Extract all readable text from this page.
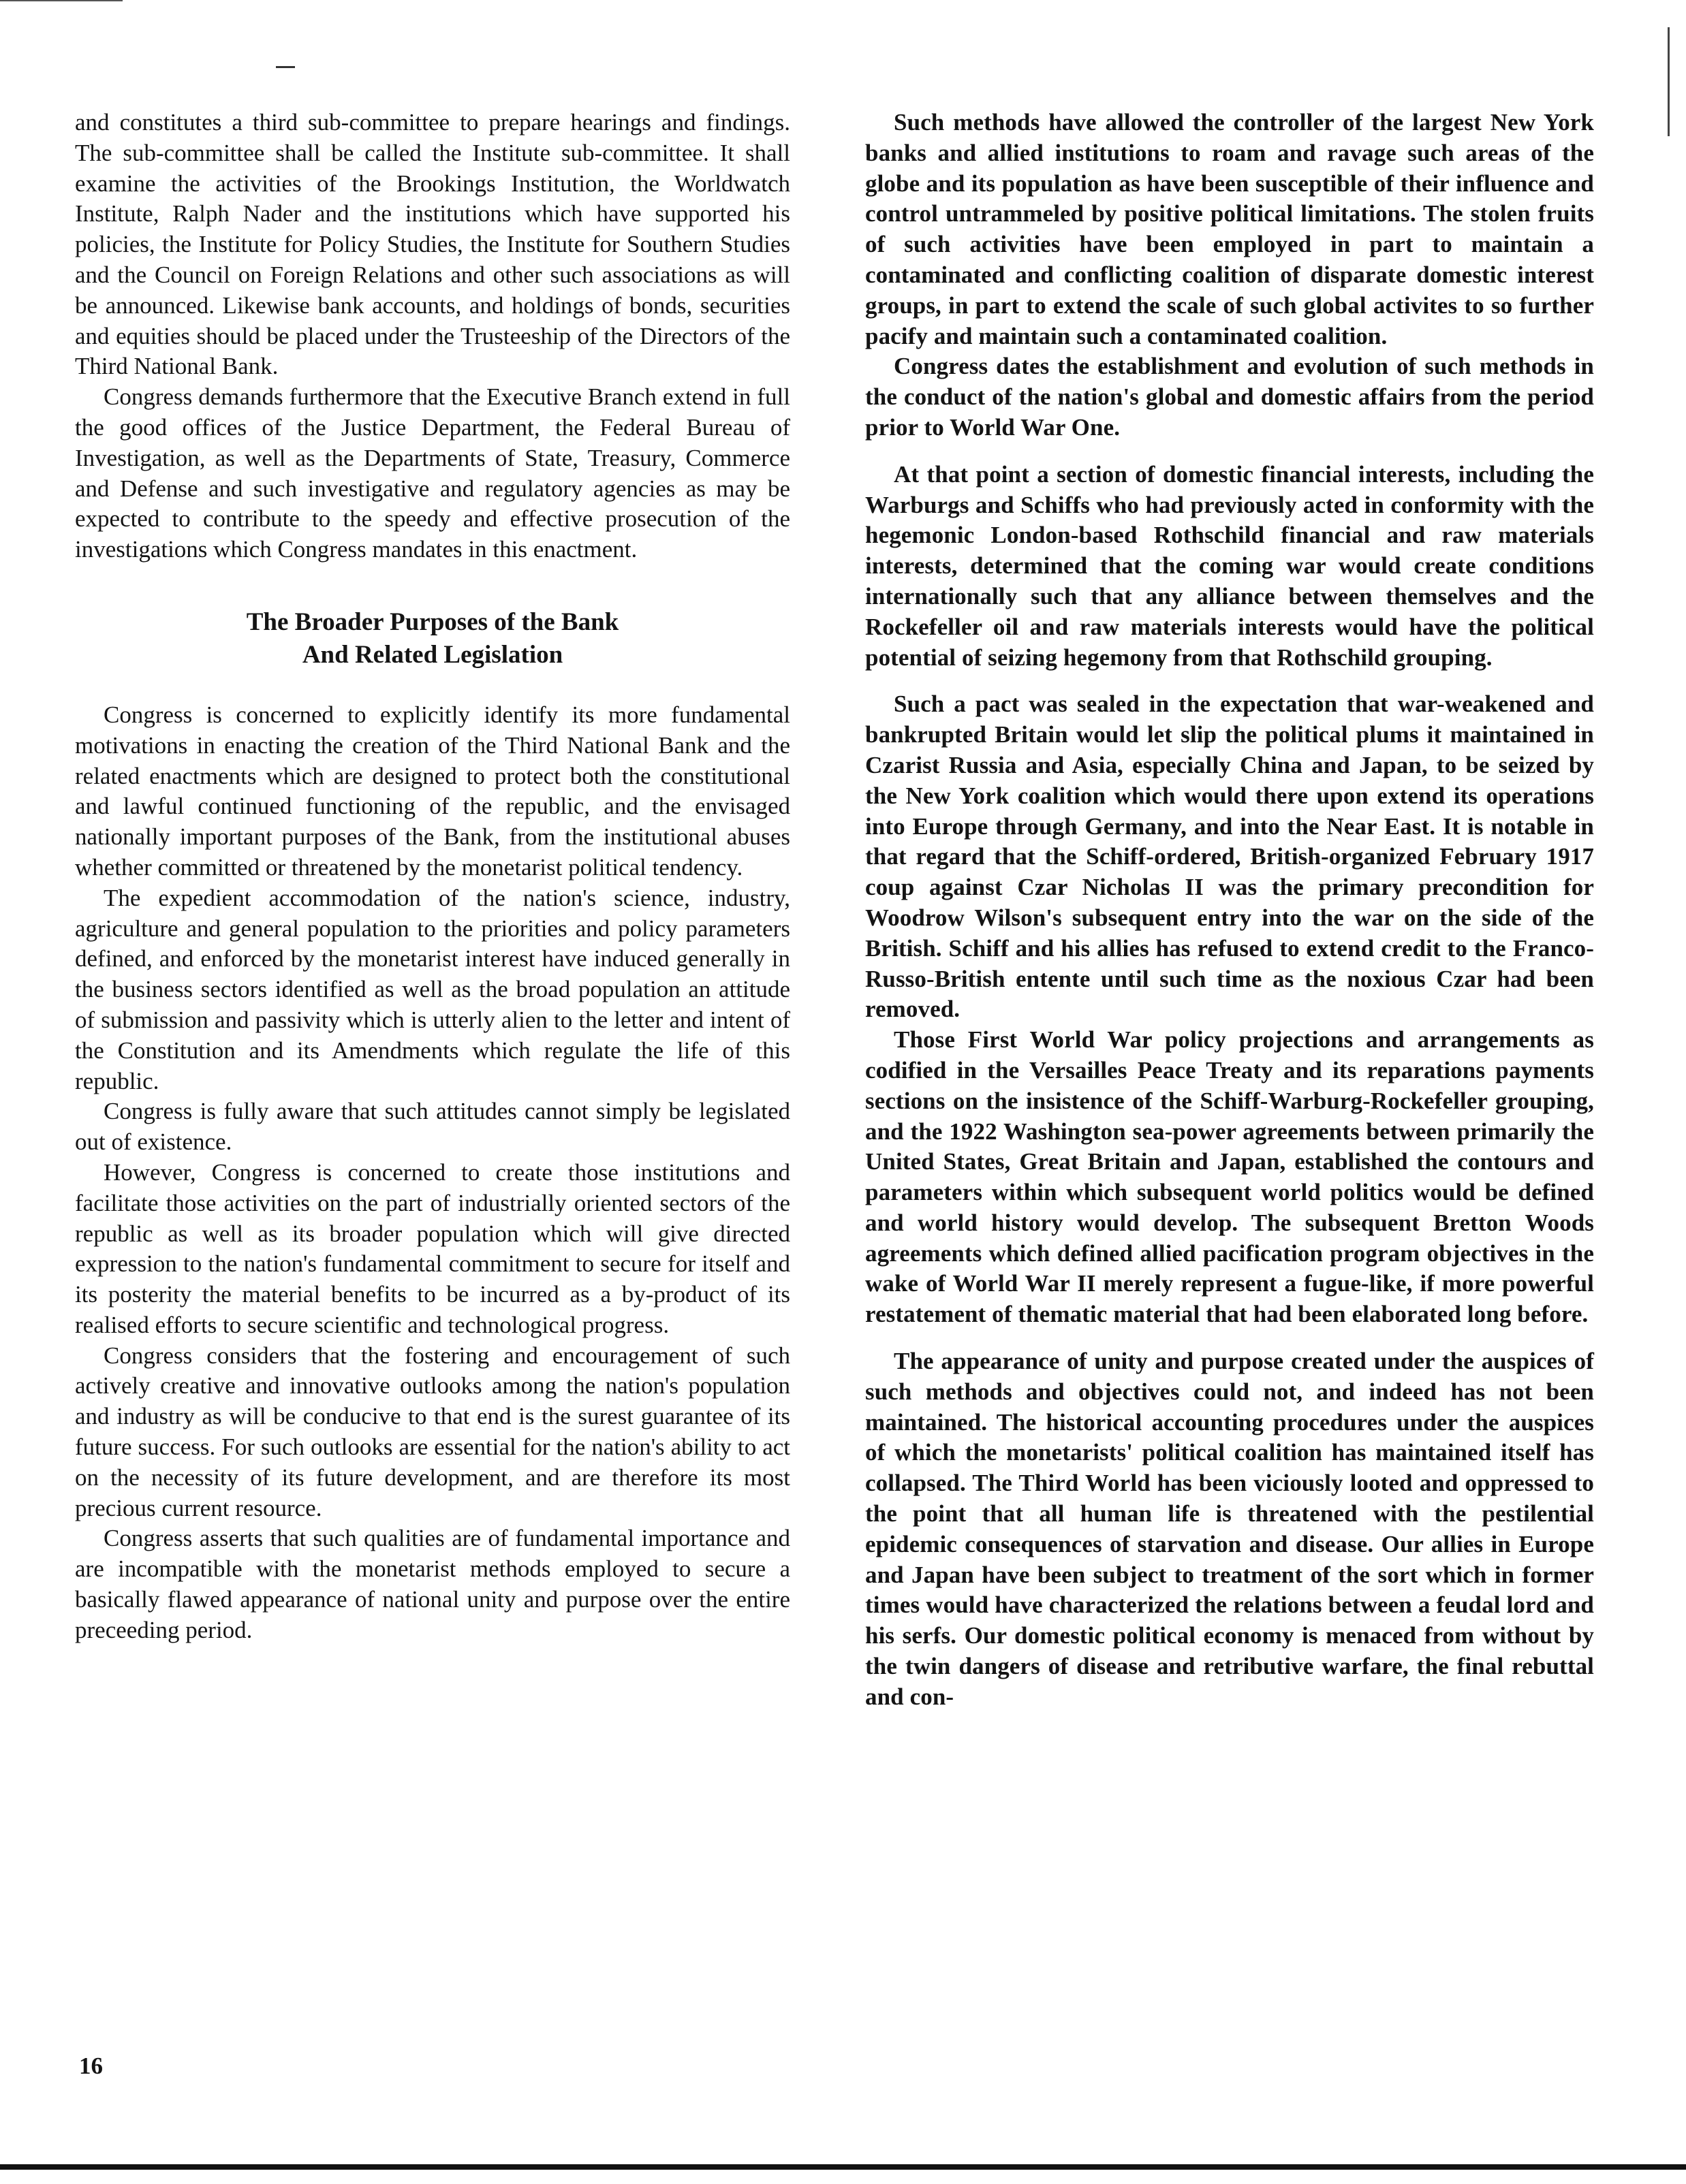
and constitutes a third sub-committee to prepare hearings and findings. The sub-committee shall be called the Institute sub-committee. It shall examine the activities of the Brookings Institution, the Worldwatch Institute, Ralph Nader and the institutions which have supported his policies, the Institute for Policy Studies, the Institute for Southern Studies and the Council on Foreign Relations and other such associations as will be announced. Likewise bank accounts, and holdings of bonds, securities and equities should be placed under the Trusteeship of the Directors of the Third National Bank.

Congress demands furthermore that the Executive Branch extend in full the good offices of the Justice Department, the Federal Bureau of Investigation, as well as the Departments of State, Treasury, Commerce and Defense and such investigative and regulatory agencies as may be expected to contribute to the speedy and effective prosecution of the investigations which Congress mandates in this enactment.

The Broader Purposes of the Bank
And Related Legislation

Congress is concerned to explicitly identify its more fundamental motivations in enacting the creation of the Third National Bank and the related enactments which are designed to protect both the constitutional and lawful continued functioning of the republic, and the envisaged nationally important purposes of the Bank, from the institutional abuses whether committed or threatened by the monetarist political tendency.

The expedient accommodation of the nation's science, industry, agriculture and general population to the priorities and policy parameters defined, and enforced by the monetarist interest have induced generally in the business sectors identified as well as the broad population an attitude of submission and passivity which is utterly alien to the letter and intent of the Constitution and its Amendments which regulate the life of this republic.

Congress is fully aware that such attitudes cannot simply be legislated out of existence.

However, Congress is concerned to create those institutions and facilitate those activities on the part of industrially oriented sectors of the republic as well as its broader population which will give directed expression to the nation's fundamental commitment to secure for itself and its posterity the material benefits to be incurred as a by-product of its realised efforts to secure scientific and technological progress.

Congress considers that the fostering and encouragement of such actively creative and innovative outlooks among the nation's population and industry as will be conducive to that end is the surest guarantee of its future success. For such outlooks are essential for the nation's ability to act on the necessity of its future development, and are therefore its most precious current resource.

Congress asserts that such qualities are of fundamental importance and are incompatible with the monetarist methods employed to secure a basically flawed appearance of national unity and purpose over the entire preceeding period.

Such methods have allowed the controller of the largest New York banks and allied institutions to roam and ravage such areas of the globe and its population as have been susceptible of their influence and control untrammeled by positive political limitations. The stolen fruits of such activities have been employed in part to maintain a contaminated and conflicting coalition of disparate domestic interest groups, in part to extend the scale of such global activites to so further pacify and maintain such a contaminated coalition.

Congress dates the establishment and evolution of such methods in the conduct of the nation's global and domestic affairs from the period prior to World War One.

At that point a section of domestic financial interests, including the Warburgs and Schiffs who had previously acted in conformity with the hegemonic London-based Rothschild financial and raw materials interests, determined that the coming war would create conditions internationally such that any alliance between themselves and the Rockefeller oil and raw materials interests would have the political potential of seizing hegemony from that Rothschild grouping.

Such a pact was sealed in the expectation that war-weakened and bankrupted Britain would let slip the political plums it maintained in Czarist Russia and Asia, especially China and Japan, to be seized by the New York coalition which would there upon extend its operations into Europe through Germany, and into the Near East. It is notable in that regard that the Schiff-ordered, British-organized February 1917 coup against Czar Nicholas II was the primary precondition for Woodrow Wilson's subsequent entry into the war on the side of the British. Schiff and his allies has refused to extend credit to the Franco-Russo-British entente until such time as the noxious Czar had been removed.

Those First World War policy projections and arrangements as codified in the Versailles Peace Treaty and its reparations payments sections on the insistence of the Schiff-Warburg-Rockefeller grouping, and the 1922 Washington sea-power agreements between primarily the United States, Great Britain and Japan, established the contours and parameters within which subsequent world politics would be defined and world history would develop. The subsequent Bretton Woods agreements which defined allied pacification program objectives in the wake of World War II merely represent a fugue-like, if more powerful restatement of thematic material that had been elaborated long before.

The appearance of unity and purpose created under the auspices of such methods and objectives could not, and indeed has not been maintained. The historical accounting procedures under the auspices of which the monetarists' political coalition has maintained itself has collapsed. The Third World has been viciously looted and oppressed to the point that all human life is threatened with the pestilential epidemic consequences of starvation and disease. Our allies in Europe and Japan have been subject to treatment of the sort which in former times would have characterized the relations between a feudal lord and his serfs. Our domestic political economy is menaced from without by the twin dangers of disease and retributive warfare, the final rebuttal and con-

16
